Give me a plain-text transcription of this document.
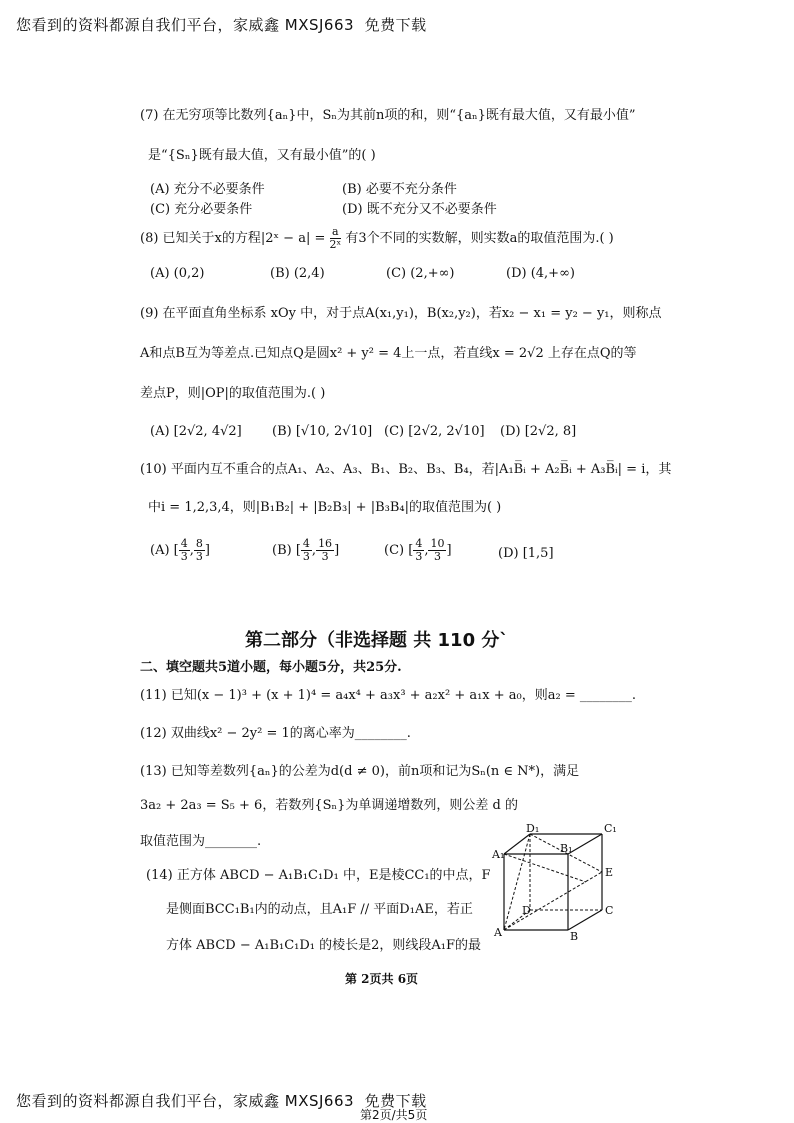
您看到的资料都源自我们平台，家威鑫 MXSJ663  免费下载
(7) 在无穷项等比数列{aₙ}中，Sₙ为其前n项的和，则“{aₙ}既有最大值，又有最小值”
是“{Sₙ}既有最大值，又有最小值”的( )
(A) 充分不必要条件	(B) 必要不充分条件
(C) 充分必要条件	(D) 既不充分又不必要条件
(8) 已知关于x的方程|2ˣ − $a| = \frac{a}{\text{2ˣ}}$ 有3个不同的实数解，则实数a的取值范围为.( )
(A) (0,2)	(B) (2,4)	(C) (2,+∞)	(D) (4,+∞)
(9) 在平面直角坐标系 xOy 中，对于点A(x₁,y₁)，B(x₂,y₂)，若x₂ − x₁ = y₂ − y₁，则称点
A和点B互为等差点.已知点Q是圆x² + y² = 4上一点，若直线x = 2√2 上存在点Q的等
差点P，则|OP|的取值范围为.( )
(A) [2√2, 4√2] (B) [√10, 2√10] (C) [2√2, 2√10] (D) [2√2, 8]
(10) 平面内互不重合的点A₁、A₂、A₃、B₁、B₂、B₃、B₄，若|A₁B̅ᵢ + A₂B̅ᵢ + A₃B̅ᵢ| = i，其
中i = 1,2,3,4，则|B₁B₂| + |B₂B₃| + |B₃B₄|的取值范围为( )
(A) [ $\frac{4}{3}$ , $\frac{8}{3}$ ]	(B) [ $\frac{4}{3}$ , $\frac{16}{3}$ ]	(C) [ $\frac{4}{3}$ , $\frac{10}{3}$ ]	(D) [1,5]
第二部分（非选择题 共 110 分`
二、填空题共5道小题，每小题5分，共25分.
(11) 已知(x − 1)³ + (x + 1)⁴ = a₄x⁴ + a₃x³ + a₂x² + a₁x + a₀，则a₂ = ________.
(12) 双曲线x² − 2y² = 1的离心率为________.
(13) 已知等差数列{aₙ}的公差为d(d ≠ 0)，前n项和记为Sₙ(n ∈ N*)，满足
3a₂ + 2a₃ = S₅ + 6，若数列{Sₙ}为单调递增数列，则公差 d 的
取值范围为________.
(14) 正方体 ABCD − A₁B₁C₁D₁ 中，E是棱CC₁的中点，F
是侧面BCC₁B₁内的动点，且A₁F // 平面D₁AE，若正
方体 ABCD − A₁B₁C₁D₁ 的棱长是2，则线段A₁F的最
第 2页共 6页
D₁	C₁
A₁	B₁
E
D	C
A	B
您看到的资料都源自我们平台，家威鑫 MXSJ663  免费下载
第2页/共5页
